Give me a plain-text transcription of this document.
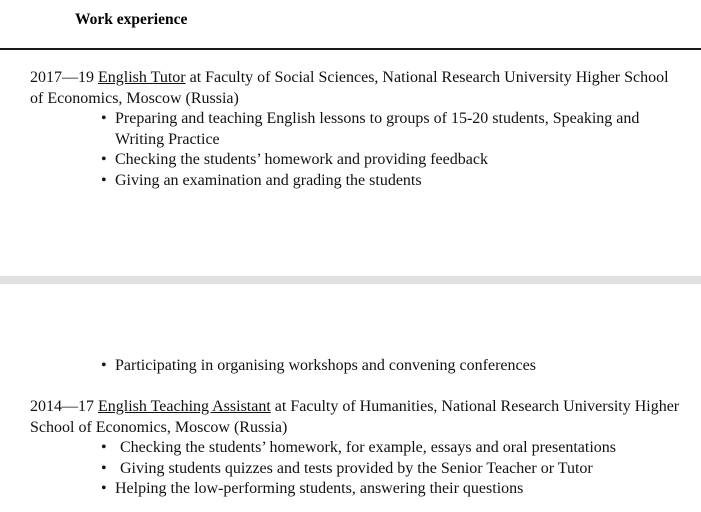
Work experience
2017—19 English Tutor at Faculty of Social Sciences, National Research University Higher School of Economics, Moscow (Russia)
• Preparing and teaching English lessons to groups of 15-20 students, Speaking and Writing Practice
• Checking the students’ homework and providing feedback
• Giving an examination and grading the students
• Participating in organising workshops and convening conferences
2014—17 English Teaching Assistant at Faculty of Humanities, National Research University Higher School of Economics, Moscow (Russia)
• Checking the students’ homework, for example, essays and oral presentations
• Giving students quizzes and tests provided by the Senior Teacher or Tutor
• Helping the low-performing students, answering their questions
